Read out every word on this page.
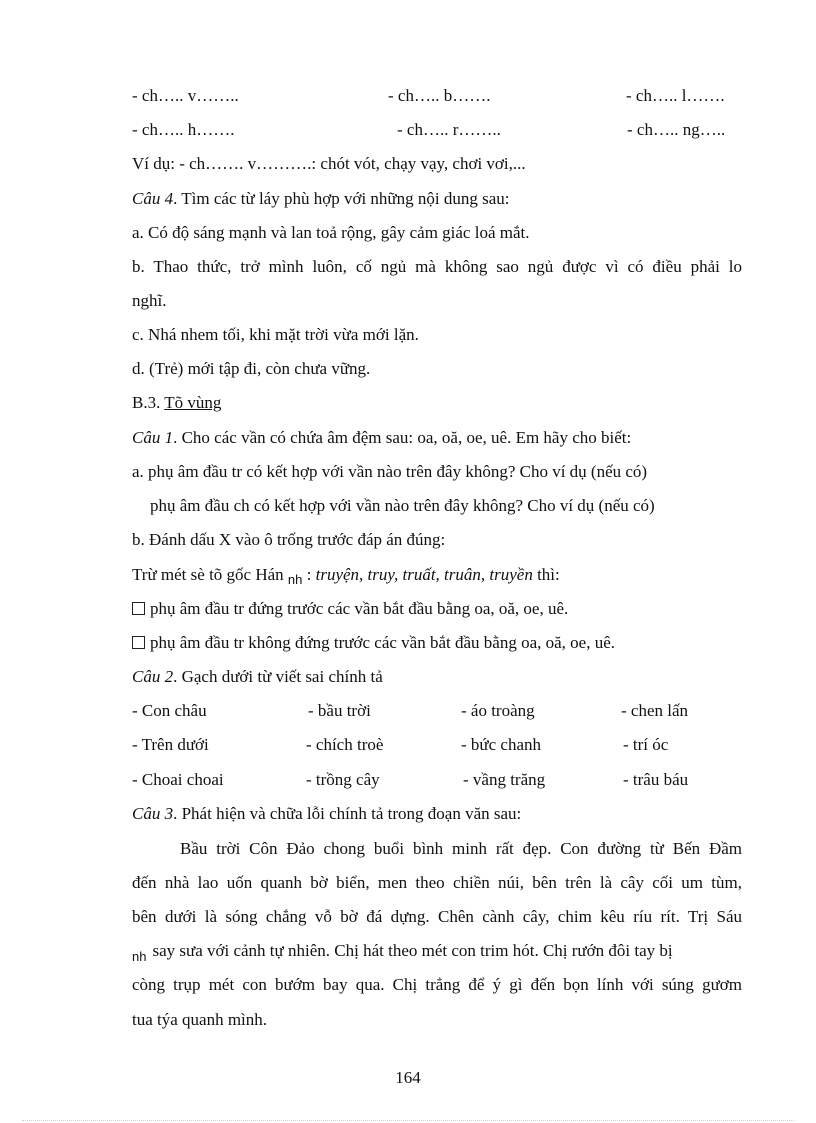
- ch….. v……..	- ch….. b…….	- ch….. l…….
- ch….. h…….	- ch….. r……..	- ch….. ng…..
Ví dụ: - ch……. v……….: chót vót, chạy vạy, chơi vơi,...
Câu 4. Tìm các từ láy phù hợp với những nội dung sau:
a. Có độ sáng mạnh và lan toả rộng, gây cảm giác loá mắt.
b. Thao thức, trở mình luôn, cố ngủ mà không sao ngủ được vì có điều phải lo
nghĩ.
c. Nhá nhem tối, khi mặt trời vừa mới lặn.
d. (Trẻ) mới tập đi, còn chưa vững.
B.3. Tõ vùng
Câu 1. Cho các vần có chứa âm đệm sau: oa, oă, oe, uê. Em hãy cho biết:
a. phụ âm đầu tr có kết hợp với vần nào trên đây không? Cho ví dụ (nếu có)
phụ âm đầu ch có kết hợp với vần nào trên đây không? Cho ví dụ (nếu có)
b. Đánh dấu X vào ô trống trước đáp án đúng:
Trừ mét sè tõ gốc Hán $_{nh}$ : truyện, truy, truất, truân, truyền thì:
phụ âm đầu tr đứng trước các vần bắt đầu bằng oa, oă, oe, uê.
phụ âm đầu tr không đứng trước các vần bắt đầu bằng oa, oă, oe, uê.
Câu 2. Gạch dưới từ viết sai chính tả
- Con châu	- bầu trời	- áo troàng	- chen lấn
- Trên dưới	- chích troè	- bức chanh	- trí óc
- Choai choai	- trồng cây	- vầng trăng	- trâu báu
Câu 3. Phát hiện và chữa lỗi chính tả trong đoạn văn sau:
Bầu trời Côn Đảo chong buổi bình minh rất đẹp. Con đường từ Bến Đầm
đến nhà lao uốn quanh bờ biển, men theo chiền núi, bên trên là cây cối um tùm,
bên dưới là sóng chắng vỗ bờ đá dựng. Chên cành cây, chim kêu ríu rít. Trị Sáu
$_{nh}$ say sưa với cảnh tự nhiên. Chị hát theo mét con trim hót. Chị rướn đôi tay bị
còng trụp mét con bướm bay qua. Chị trẳng để ý gì đến bọn lính với súng gươm
tua týa quanh mình.
164
